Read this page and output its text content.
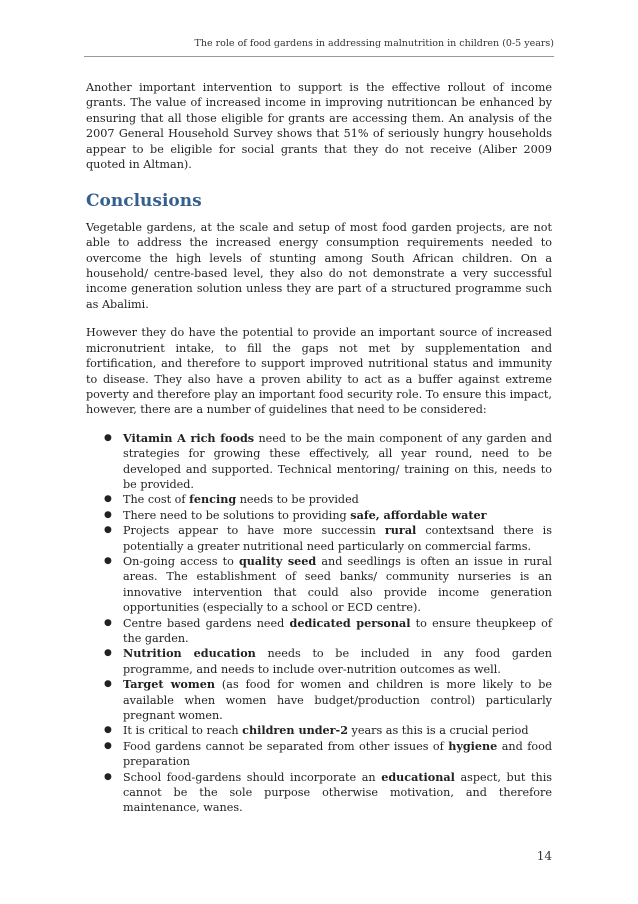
The role of food gardens in addressing malnutrition in children (0-5 years)

Another important intervention to support is the effective rollout of income grants. The value of increased income in improving nutritioncan be enhanced by ensuring that all those eligible for grants are accessing them. An analysis of the 2007 General Household Survey shows that 51% of seriously hungry households appear to be eligible for social grants that they do not receive (Aliber 2009 quoted in Altman).

Conclusions

Vegetable gardens, at the scale and setup of most food garden projects, are not able to address the increased energy consumption requirements needed to overcome the high levels of stunting among South African children. On a household/ centre-based level, they also do not demonstrate a very successful income generation solution unless they are part of a structured programme such as Abalimi.

However they do have the potential to provide an important source of increased micronutrient intake, to fill the gaps not met by supplementation and fortification, and therefore to support improved nutritional status and immunity to disease. They also have a proven ability to act as a buffer against extreme poverty and therefore play an important food security role. To ensure this impact, however, there are a number of guidelines that need to be considered:

● Vitamin A rich foods need to be the main component of any garden and strategies for growing these effectively, all year round, need to be developed and supported. Technical mentoring/ training on this, needs to be provided.
● The cost of fencing needs to be provided
● There need to be solutions to providing safe, affordable water
● Projects appear to have more successin rural contextsand there is potentially a greater nutritional need particularly on commercial farms.
● On-going access to quality seed and seedlings is often an issue in rural areas. The establishment of seed banks/ community nurseries is an innovative intervention that could also provide income generation opportunities (especially to a school or ECD centre).
● Centre based gardens need dedicated personal to ensure theupkeep of the garden.
● Nutrition education needs to be included in any food garden programme, and needs to include over-nutrition outcomes as well.
● Target women (as food for women and children is more likely to be available when women have budget/production control) particularly pregnant women.
● It is critical to reach children under-2 years as this is a crucial period
● Food gardens cannot be separated from other issues of hygiene and food preparation
● School food-gardens should incorporate an educational aspect, but this cannot be the sole purpose otherwise motivation, and therefore maintenance, wanes.
14
